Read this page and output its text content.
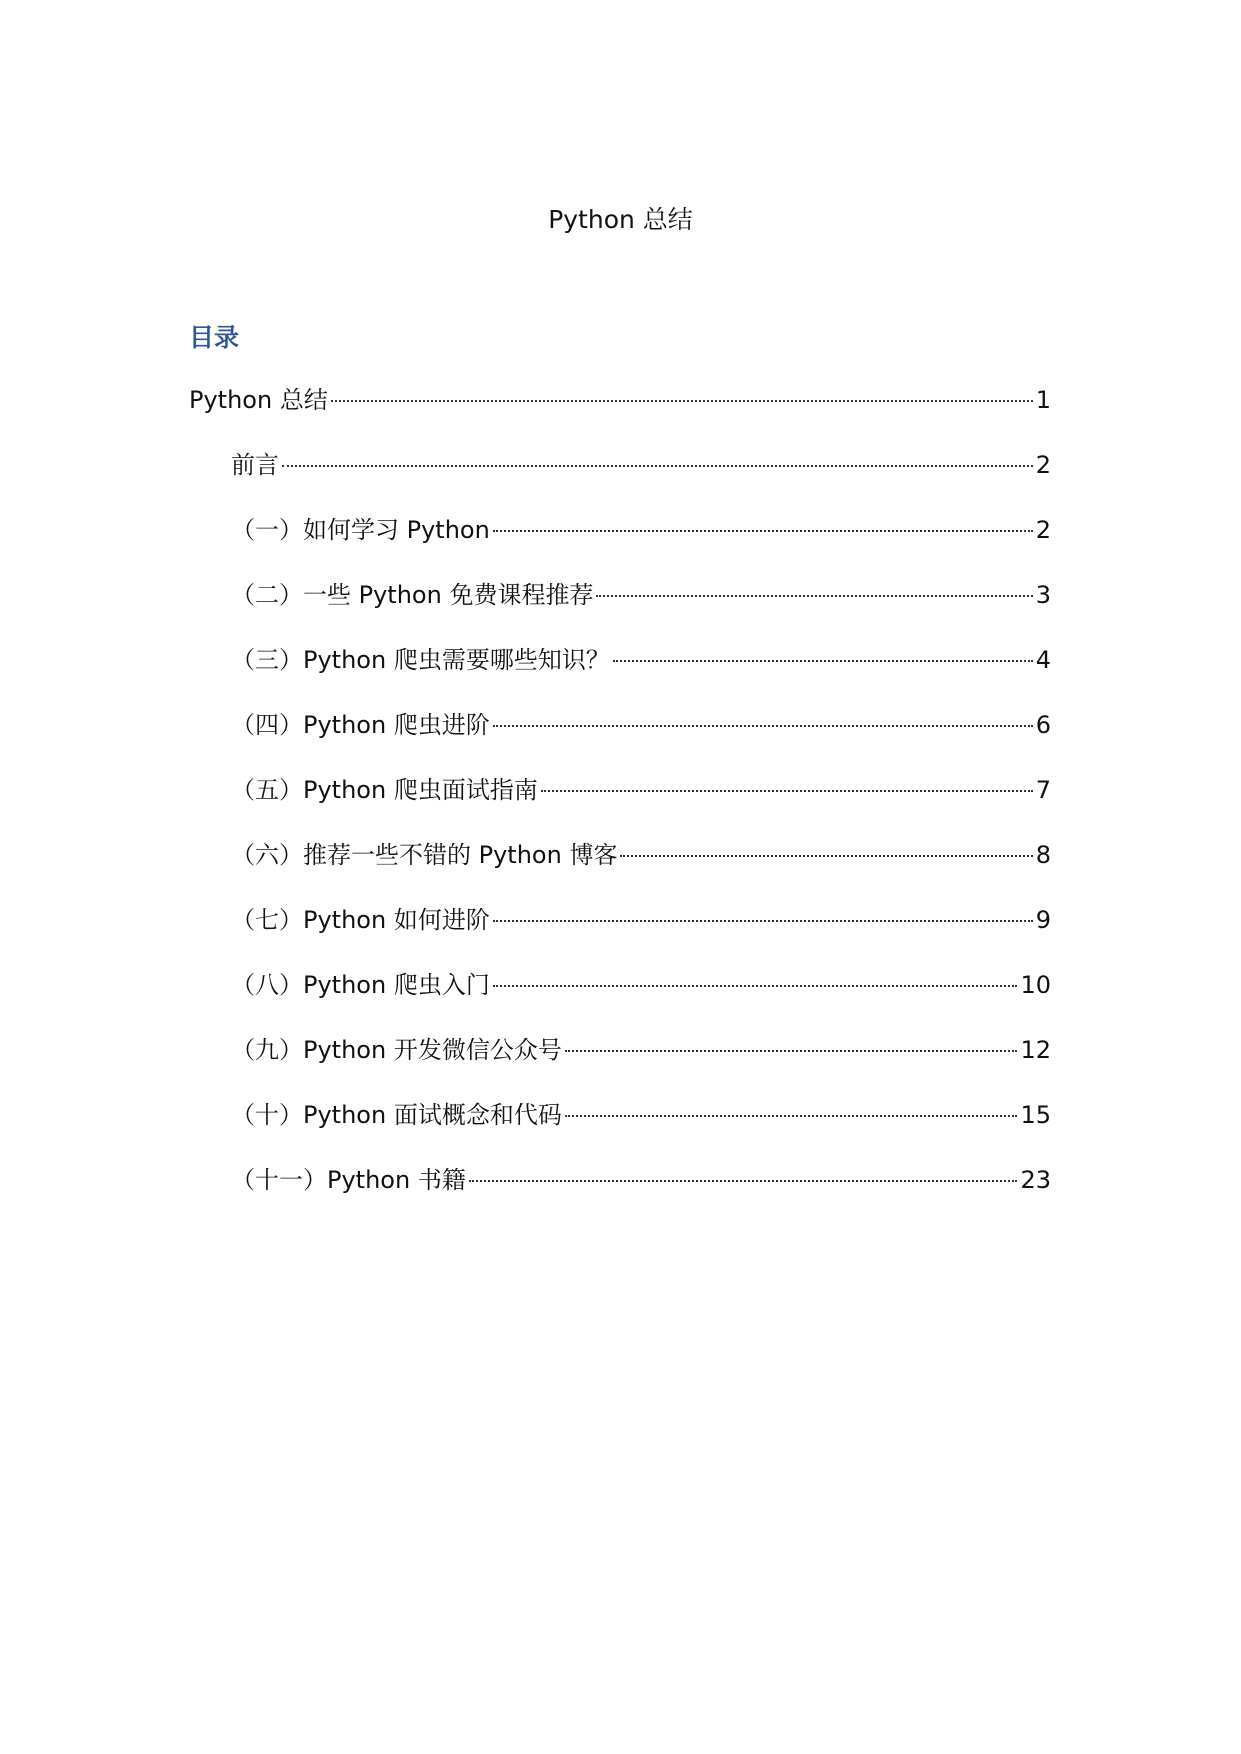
Python 总结
目录
Python 总结	1
前言	2
（一）如何学习 Python	2
（二）一些 Python 免费课程推荐	3
（三）Python 爬虫需要哪些知识？	4
（四）Python 爬虫进阶	6
（五）Python 爬虫面试指南	7
（六）推荐一些不错的 Python 博客	8
（七）Python 如何进阶	9
（八）Python 爬虫入门	10
（九）Python 开发微信公众号	12
（十）Python 面试概念和代码	15
（十一）Python 书籍	23
